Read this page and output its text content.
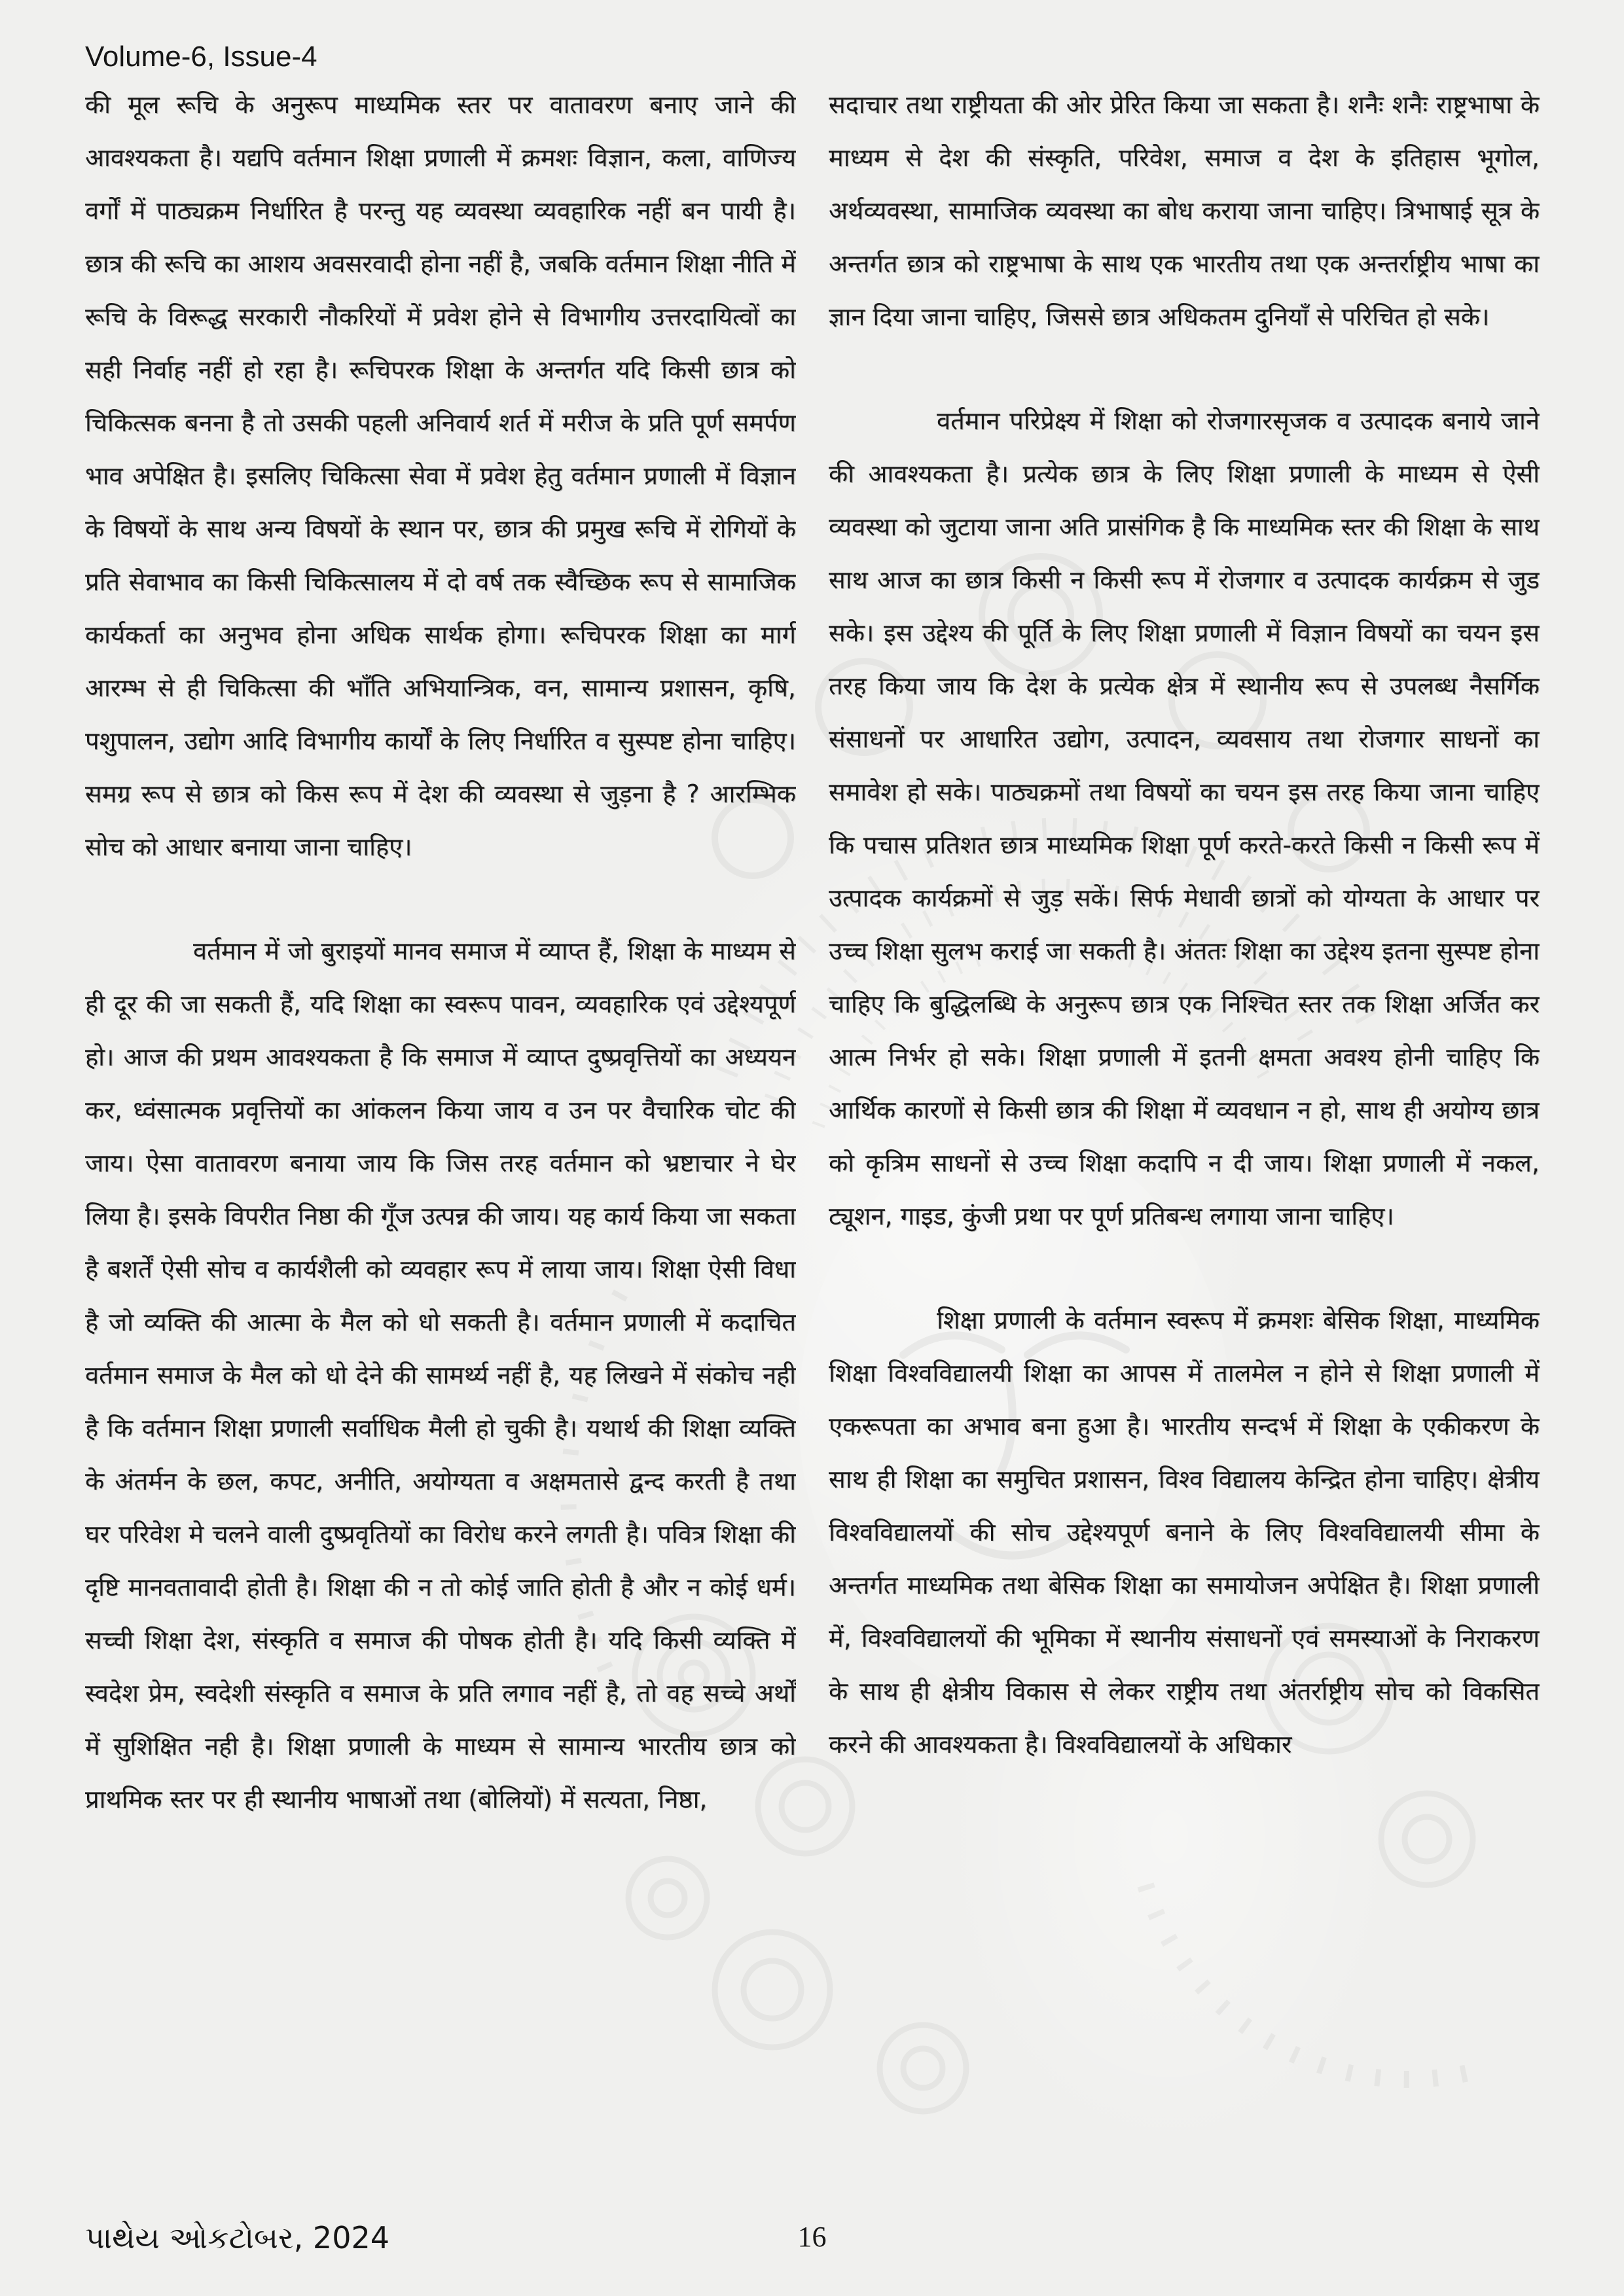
Volume-6, Issue-4

की मूल रूचि के अनुरूप माध्यमिक स्तर पर वातावरण बनाए जाने की आवश्यकता है। यद्यपि वर्तमान शिक्षा प्रणाली में क्रमशः विज्ञान, कला, वाणिज्य वर्गों में पाठ्यक्रम निर्धारित है परन्तु यह व्यवस्था व्यवहारिक नहीं बन पायी है। छात्र की रूचि का आशय अवसरवादी होना नहीं है, जबकि वर्तमान शिक्षा नीति में रूचि के विरूद्ध सरकारी नौकरियों में प्रवेश होने से विभागीय उत्तरदायित्वों का सही निर्वाह नहीं हो रहा है। रूचिपरक शिक्षा के अन्तर्गत यदि किसी छात्र को चिकित्सक बनना है तो उसकी पहली अनिवार्य शर्त में मरीज के प्रति पूर्ण समर्पण भाव अपेक्षित है। इसलिए चिकित्सा सेवा में प्रवेश हेतु वर्तमान प्रणाली में विज्ञान के विषयों के साथ अन्य विषयों के स्थान पर, छात्र की प्रमुख रूचि में रोगियों के प्रति सेवाभाव का किसी चिकित्सालय में दो वर्ष तक स्वैच्छिक रूप से सामाजिक कार्यकर्ता का अनुभव होना अधिक सार्थक होगा। रूचिपरक शिक्षा का मार्ग आरम्भ से ही चिकित्सा की भाँति अभियान्त्रिक, वन, सामान्य प्रशासन, कृषि, पशुपालन, उद्योग आदि विभागीय कार्यों के लिए निर्धारित व सुस्पष्ट होना चाहिए। समग्र रूप से छात्र को किस रूप में देश की व्यवस्था से जुड़ना है ? आरम्भिक सोच को आधार बनाया जाना चाहिए।

वर्तमान में जो बुराइयों मानव समाज में व्याप्त हैं, शिक्षा के माध्यम से ही दूर की जा सकती हैं, यदि शिक्षा का स्वरूप पावन, व्यवहारिक एवं उद्देश्यपूर्ण हो। आज की प्रथम आवश्यकता है कि समाज में व्याप्त दुष्प्रवृत्तियों का अध्ययन कर, ध्वंसात्मक प्रवृत्तियों का आंकलन किया जाय व उन पर वैचारिक चोट की जाय। ऐसा वातावरण बनाया जाय कि जिस तरह वर्तमान को भ्रष्टाचार ने घेर लिया है। इसके विपरीत निष्ठा की गूँज उत्पन्न की जाय। यह कार्य किया जा सकता है बशर्तें ऐसी सोच व कार्यशैली को व्यवहार रूप में लाया जाय। शिक्षा ऐसी विधा है जो व्यक्ति की आत्मा के मैल को धो सकती है। वर्तमान प्रणाली में कदाचित वर्तमान समाज के मैल को धो देने की सामर्थ्य नहीं है, यह लिखने में संकोच नही है कि वर्तमान शिक्षा प्रणाली सर्वाधिक मैली हो चुकी है। यथार्थ की शिक्षा व्यक्ति के अंतर्मन के छल, कपट, अनीति, अयोग्यता व अक्षमतासे द्वन्द करती है तथा घर परिवेश मे चलने वाली दुष्प्रवृतियों का विरोध करने लगती है। पवित्र शिक्षा की दृष्टि मानवतावादी होती है। शिक्षा की न तो कोई जाति होती है और न कोई धर्म। सच्ची शिक्षा देश, संस्कृति व समाज की पोषक होती है। यदि किसी व्यक्ति में स्वदेश प्रेम, स्वदेशी संस्कृति व समाज के प्रति लगाव नहीं है, तो वह सच्चे अर्थों में सुशिक्षित नही है। शिक्षा प्रणाली के माध्यम से सामान्य भारतीय छात्र को प्राथमिक स्तर पर ही स्थानीय भाषाओं तथा (बोलियों) में सत्यता, निष्ठा,

सदाचार तथा राष्ट्रीयता की ओर प्रेरित किया जा सकता है। शनैः शनैः राष्ट्रभाषा के माध्यम से देश की संस्कृति, परिवेश, समाज व देश के इतिहास भूगोल, अर्थव्यवस्था, सामाजिक व्यवस्था का बोध कराया जाना चाहिए। त्रिभाषाई सूत्र के अन्तर्गत छात्र को राष्ट्रभाषा के साथ एक भारतीय तथा एक अन्तर्राष्ट्रीय भाषा का ज्ञान दिया जाना चाहिए, जिससे छात्र अधिकतम दुनियाँ से परिचित हो सके।

वर्तमान परिप्रेक्ष्य में शिक्षा को रोजगारसृजक व उत्पादक बनाये जाने की आवश्यकता है। प्रत्येक छात्र के लिए शिक्षा प्रणाली के माध्यम से ऐसी व्यवस्था को जुटाया जाना अति प्रासंगिक है कि माध्यमिक स्तर की शिक्षा के साथ साथ आज का छात्र किसी न किसी रूप में रोजगार व उत्पादक कार्यक्रम से जुड सके। इस उद्देश्य की पूर्ति के लिए शिक्षा प्रणाली में विज्ञान विषयों का चयन इस तरह किया जाय कि देश के प्रत्येक क्षेत्र में स्थानीय रूप से उपलब्ध नैसर्गिक संसाधनों पर आधारित उद्योग, उत्पादन, व्यवसाय तथा रोजगार साधनों का समावेश हो सके। पाठ्यक्रमों तथा विषयों का चयन इस तरह किया जाना चाहिए कि पचास प्रतिशत छात्र माध्यमिक शिक्षा पूर्ण करते-करते किसी न किसी रूप में उत्पादक कार्यक्रमों से जुड़ सकें। सिर्फ मेधावी छात्रों को योग्यता के आधार पर उच्च शिक्षा सुलभ कराई जा सकती है। अंततः शिक्षा का उद्देश्य इतना सुस्पष्ट होना चाहिए कि बुद्धिलब्धि के अनुरूप छात्र एक निश्चित स्तर तक शिक्षा अर्जित कर आत्म निर्भर हो सके। शिक्षा प्रणाली में इतनी क्षमता अवश्य होनी चाहिए कि आर्थिक कारणों से किसी छात्र की शिक्षा में व्यवधान न हो, साथ ही अयोग्य छात्र को कृत्रिम साधनों से उच्च शिक्षा कदापि न दी जाय। शिक्षा प्रणाली में नकल, ट्यूशन, गाइड, कुंजी प्रथा पर पूर्ण प्रतिबन्ध लगाया जाना चाहिए।

शिक्षा प्रणाली के वर्तमान स्वरूप में क्रमशः बेसिक शिक्षा, माध्यमिक शिक्षा विश्वविद्यालयी शिक्षा का आपस में तालमेल न होने से शिक्षा प्रणाली में एकरूपता का अभाव बना हुआ है। भारतीय सन्दर्भ में शिक्षा के एकीकरण के साथ ही शिक्षा का समुचित प्रशासन, विश्व विद्यालय केन्द्रित होना चाहिए। क्षेत्रीय विश्वविद्यालयों की सोच उद्देश्यपूर्ण बनाने के लिए विश्वविद्यालयी सीमा के अन्तर्गत माध्यमिक तथा बेसिक शिक्षा का समायोजन अपेक्षित है। शिक्षा प्रणाली में, विश्वविद्यालयों की भूमिका में स्थानीय संसाधनों एवं समस्याओं के निराकरण के साथ ही क्षेत्रीय विकास से लेकर राष्ट्रीय तथा अंतर्राष्ट्रीय सोच को विकसित करने की आवश्यकता है। विश्वविद्यालयों के अधिकार

16
પાથેય ઓકટોબર, 2024
